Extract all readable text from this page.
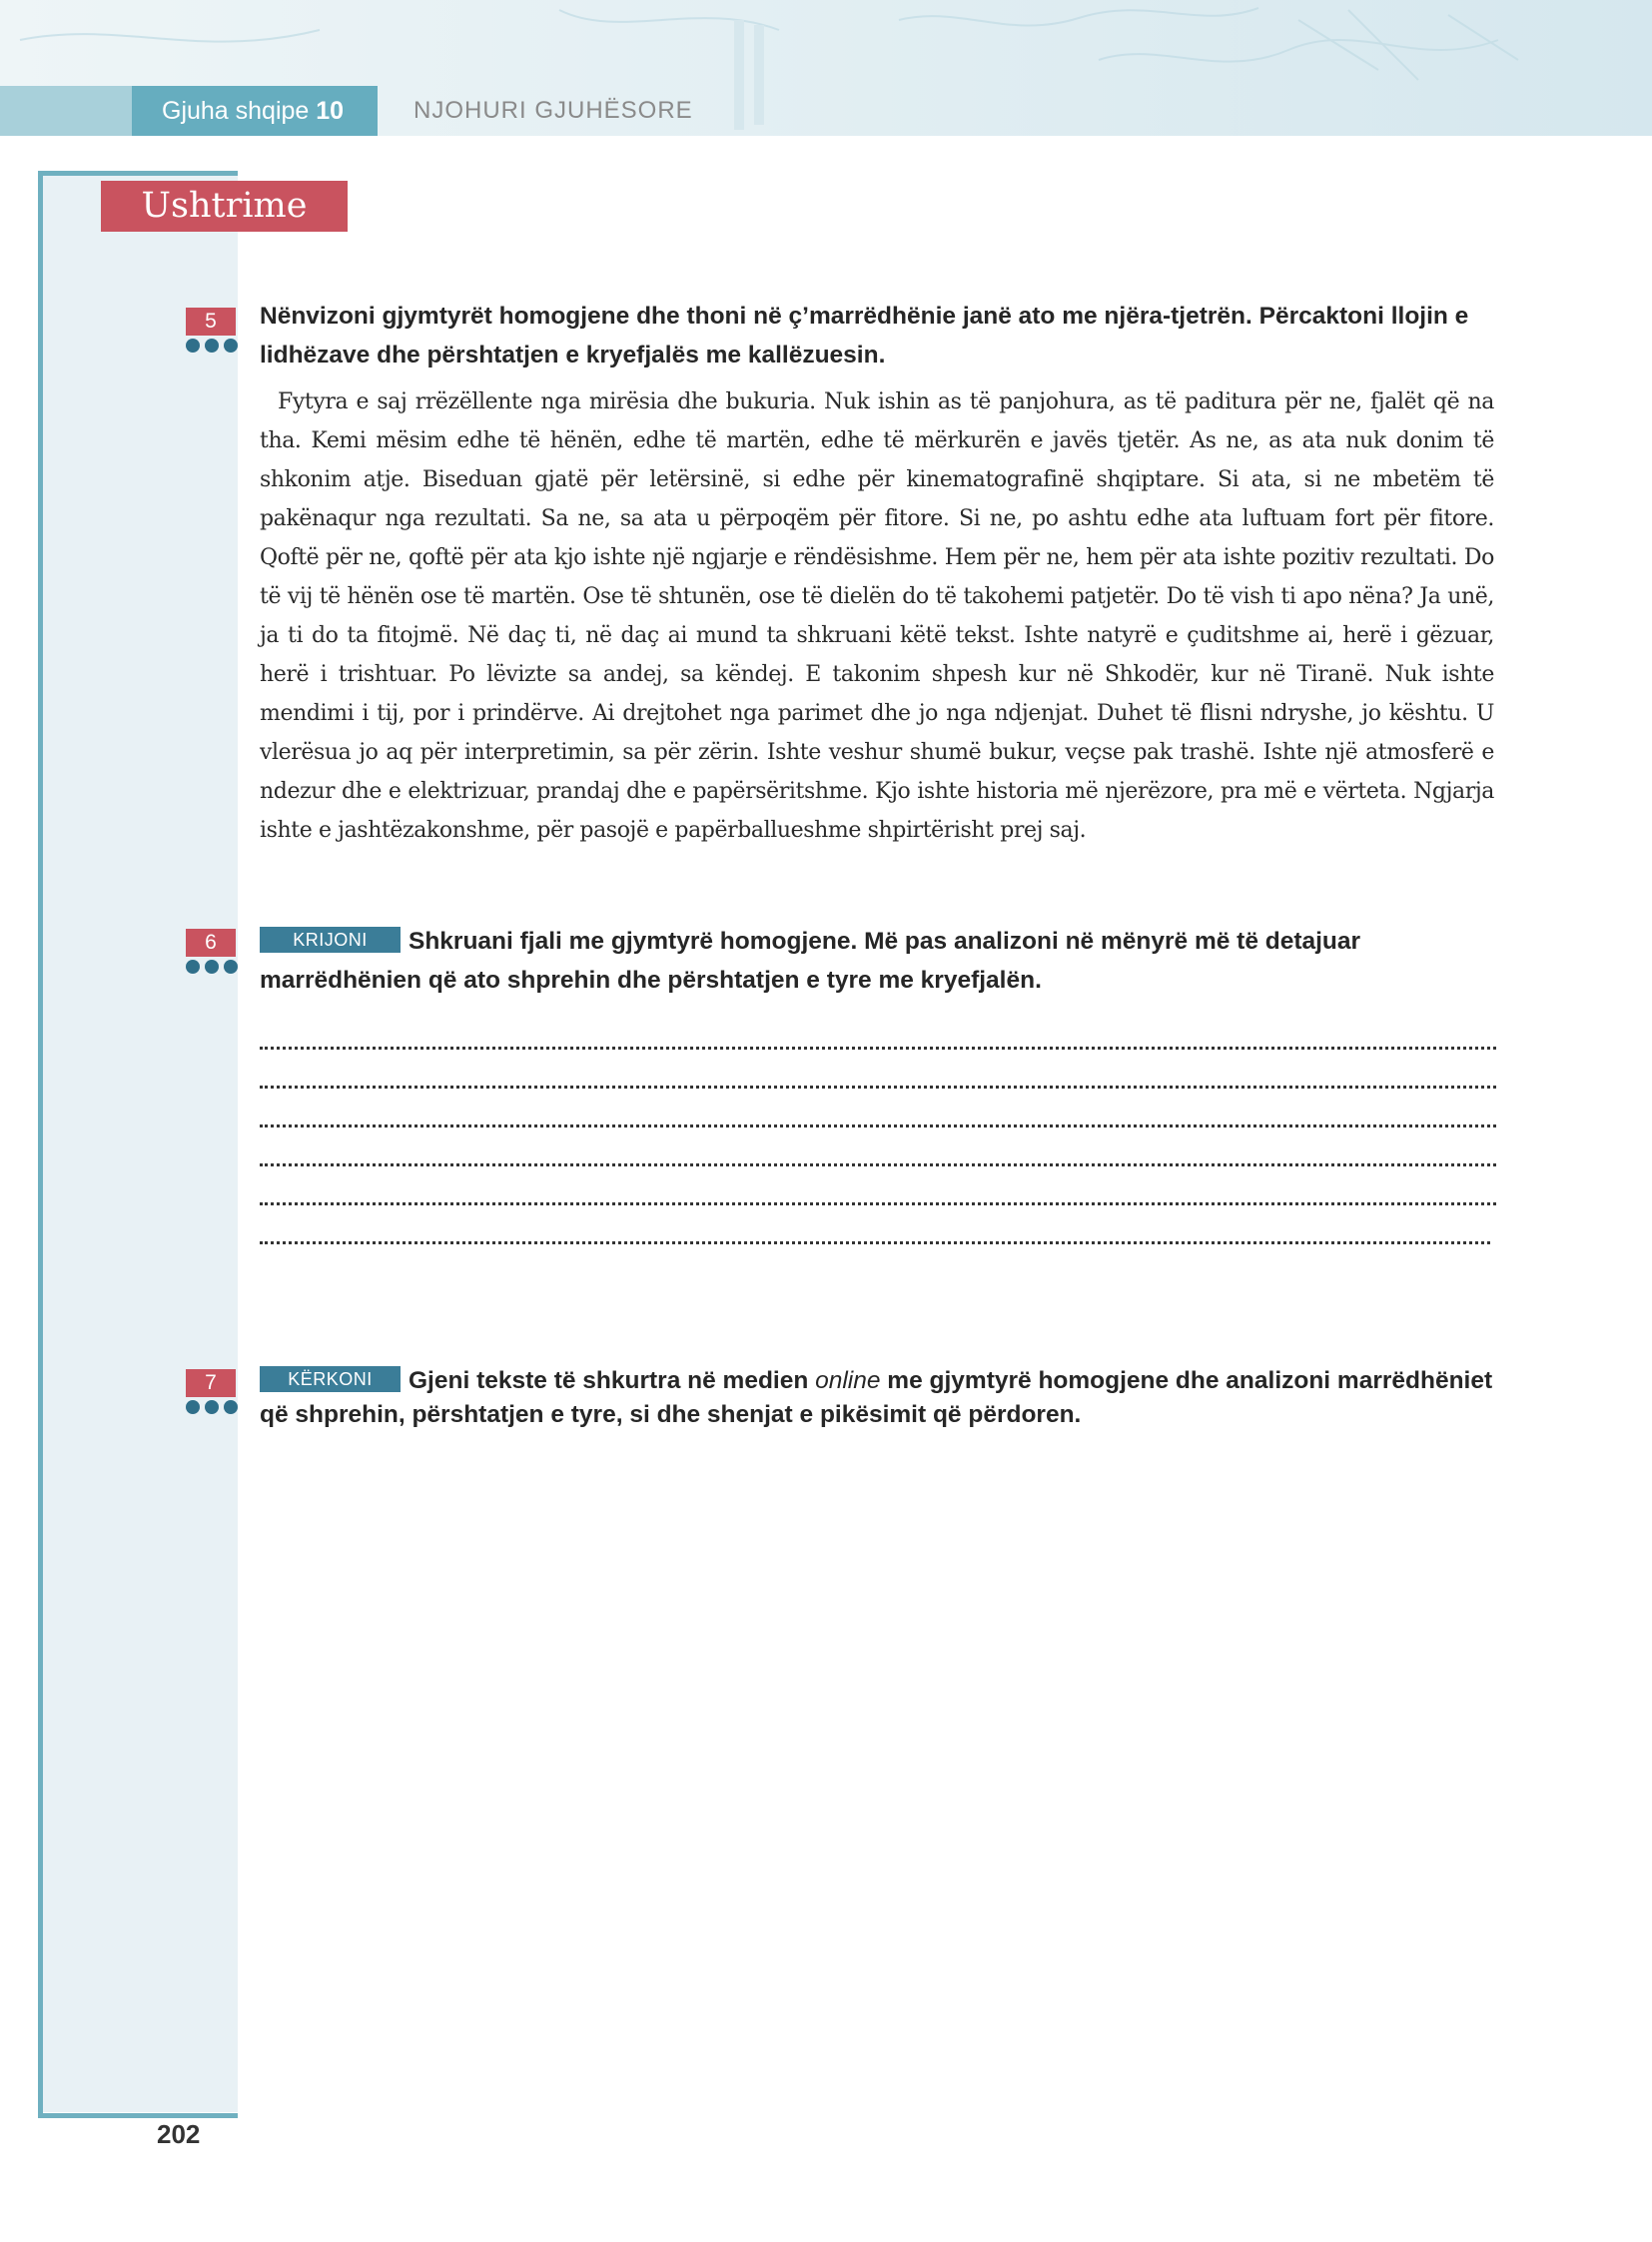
Gjuha shqipe 10	NJOHURI GJUHËSORE
Ushtrime
5	Nënvizoni gjymtyrët homogjene dhe thoni në ç’marrëdhënie janë ato me njëra-tjetrën. Përcaktoni llojin e lidhëzave dhe përshtatjen e kryefjalës me kallëzuesin.
Fytyra e saj rrëzëllente nga mirësia dhe bukuria. Nuk ishin as të panjohura, as të paditura për ne, fjalët që na tha. Kemi mësim edhe të hënën, edhe të martën, edhe të mërkurën e javës tjetër. As ne, as ata nuk donim të shkonim atje. Biseduan gjatë për letërsinë, si edhe për kinematografinë shqiptare. Si ata, si ne mbetëm të pakënaqur nga rezultati. Sa ne, sa ata u përpoqëm për fitore. Si ne, po ashtu edhe ata luftuam fort për fitore. Qoftë për ne, qoftë për ata kjo ishte një ngjarje e rëndësishme. Hem për ne, hem për ata ishte pozitiv rezultati. Do të vij të hënën ose të martën. Ose të shtunën, ose të dielën do të takohemi patjetër. Do të vish ti apo nëna? Ja unë, ja ti do ta fitojmë. Në daç ti, në daç ai mund ta shkruani këtë tekst. Ishte natyrë e çuditshme ai, herë i gëzuar, herë i trishtuar. Po lëvizte sa andej, sa këndej. E takonim shpesh kur në Shkodër, kur në Tiranë. Nuk ishte mendimi i tij, por i prindërve. Ai drejtohet nga parimet dhe jo nga ndjenjat. Duhet të flisni ndryshe, jo kështu. U vlerësua jo aq për interpretimin, sa për zërin. Ishte veshur shumë bukur, veçse pak trashë. Ishte një atmosferë e ndezur dhe e elektrizuar, prandaj dhe e papërsëritshme. Kjo ishte historia më njerëzore, pra më e vërteta. Ngjarja ishte e jashtëzakonshme, për pasojë e papërballueshme shpirtërisht prej saj.
6	KRIJONI Shkruani fjali me gjymtyrë homogjene. Më pas analizoni në mënyrë më të detajuar marrëdhënien që ato shprehin dhe përshtatjen e tyre me kryefjalën.
7	KËRKONI Gjeni tekste të shkurtra në medien online me gjymtyrë homogjene dhe analizoni marrëdhëniet që shprehin, përshtatjen e tyre, si dhe shenjat e pikësimit që përdoren.
202
